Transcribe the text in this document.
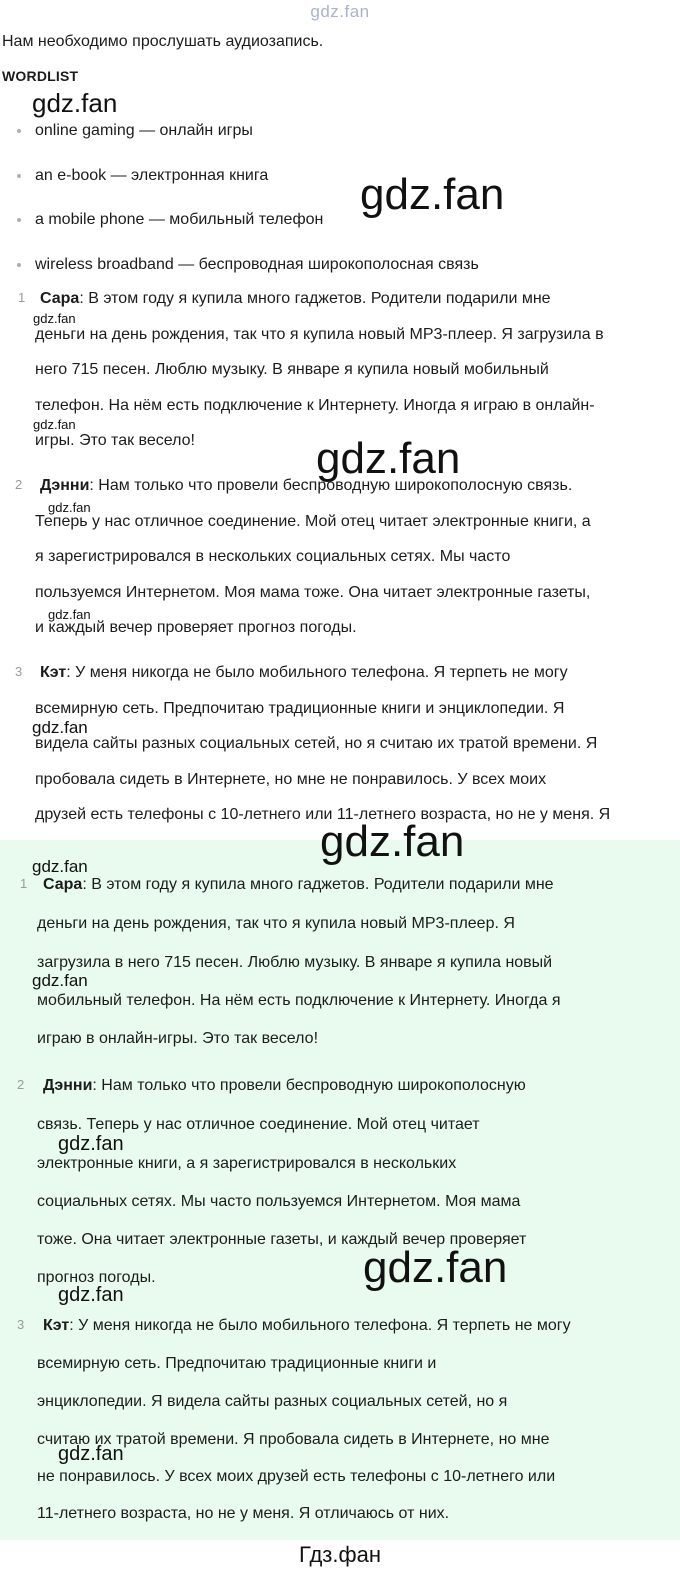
gdz.fan
Нам необходимо прослушать аудиозапись.
WORDLIST
online gaming — онлайн игры
an e-book — электронная книга
a mobile phone — мобильный телефон
wireless broadband — беспроводная широкополосная связь
1 Сара: В этом году я купила много гаджетов. Родители подарили мне
деньги на день рождения, так что я купила новый MP3-плеер. Я загрузила в
него 715 песен. Люблю музыку. В январе я купила новый мобильный
телефон. На нём есть подключение к Интернету. Иногда я играю в онлайн-
игры. Это так весело!
2 Дэнни: Нам только что провели беспроводную широкополосную связь.
Теперь у нас отличное соединение. Мой отец читает электронные книги, а
я зарегистрировался в нескольких социальных сетях. Мы часто
пользуемся Интернетом. Моя мама тоже. Она читает электронные газеты,
и каждый вечер проверяет прогноз погоды.
3 Кэт: У меня никогда не было мобильного телефона. Я терпеть не могу
всемирную сеть. Предпочитаю традиционные книги и энциклопедии. Я
видела сайты разных социальных сетей, но я считаю их тратой времени. Я
пробовала сидеть в Интернете, но мне не понравилось. У всех моих
друзей есть телефоны с 10-летнего или 11-летнего возраста, но не у меня. Я
1 Сара: В этом году я купила много гаджетов. Родители подарили мне
деньги на день рождения, так что я купила новый MP3-плеер. Я
загрузила в него 715 песен. Люблю музыку. В январе я купила новый
мобильный телефон. На нём есть подключение к Интернету. Иногда я
играю в онлайн-игры. Это так весело!
2 Дэнни: Нам только что провели беспроводную широкополосную
связь. Теперь у нас отличное соединение. Мой отец читает
электронные книги, а я зарегистрировался в нескольких
социальных сетях. Мы часто пользуемся Интернетом. Моя мама
тоже. Она читает электронные газеты, и каждый вечер проверяет
прогноз погоды.
3 Кэт: У меня никогда не было мобильного телефона. Я терпеть не могу
всемирную сеть. Предпочитаю традиционные книги и
энциклопедии. Я видела сайты разных социальных сетей, но я
считаю их тратой времени. Я пробовала сидеть в Интернете, но мне
не понравилось. У всех моих друзей есть телефоны с 10-летнего или
11-летнего возраста, но не у меня. Я отличаюсь от них.
gdz.fan
gdz.fan
gdz.fan
gdz.fan
gdz.fan
gdz.fan
gdz.fan
gdz.fan
gdz.fan
gdz.fan
gdz.fan
gdz.fan
gdz.fan
gdz.fan
gdz.fan
Гдз.фан
